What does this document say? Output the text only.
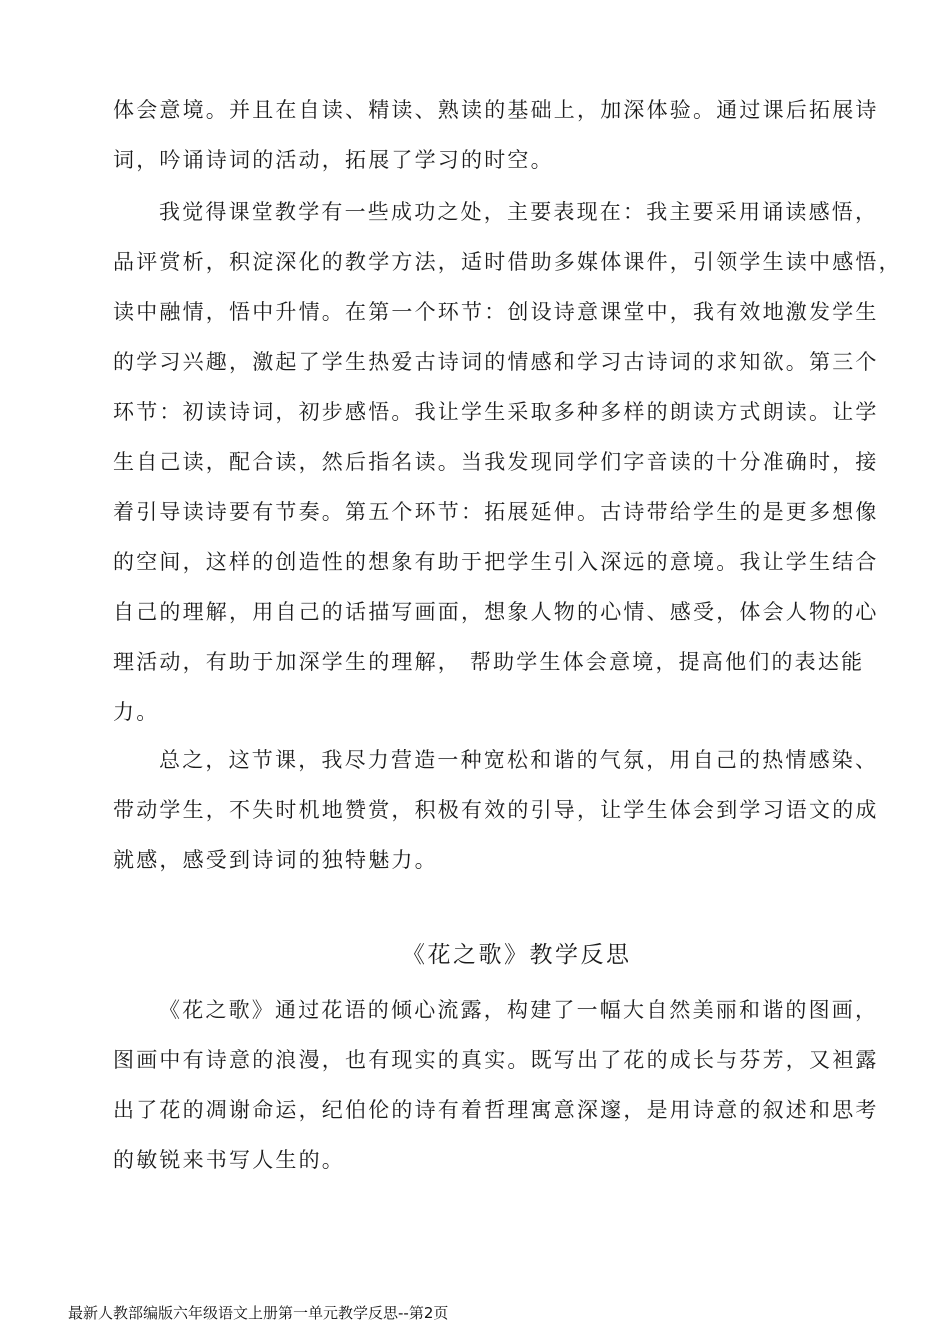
体会意境。并且在自读、精读、熟读的基础上，加深体验。通过课后拓展诗
词，吟诵诗词的活动，拓展了学习的时空。
我觉得课堂教学有一些成功之处，主要表现在：我主要采用诵读感悟，
品评赏析，积淀深化的教学方法，适时借助多媒体课件，引领学生读中感悟，
读中融情，悟中升情。在第一个环节：创设诗意课堂中，我有效地激发学生
的学习兴趣，激起了学生热爱古诗词的情感和学习古诗词的求知欲。第三个
环节：初读诗词，初步感悟。我让学生采取多种多样的朗读方式朗读。让学
生自己读，配合读，然后指名读。当我发现同学们字音读的十分准确时，接
着引导读诗要有节奏。第五个环节：拓展延伸。古诗带给学生的是更多想像
的空间，这样的创造性的想象有助于把学生引入深远的意境。我让学生结合
自己的理解，用自己的话描写画面，想象人物的心情、感受，体会人物的心
理活动，有助于加深学生的理解， 帮助学生体会意境，提高他们的表达能
力。
总之，这节课，我尽力营造一种宽松和谐的气氛，用自己的热情感染、
带动学生，不失时机地赞赏，积极有效的引导，让学生体会到学习语文的成
就感，感受到诗词的独特魅力。
《花之歌》教学反思
《花之歌》通过花语的倾心流露，构建了一幅大自然美丽和谐的图画，
图画中有诗意的浪漫，也有现实的真实。既写出了花的成长与芬芳，又袒露
出了花的凋谢命运，纪伯伦的诗有着哲理寓意深邃，是用诗意的叙述和思考
的敏锐来书写人生的。
最新人教部编版六年级语文上册第一单元教学反思--第2页
